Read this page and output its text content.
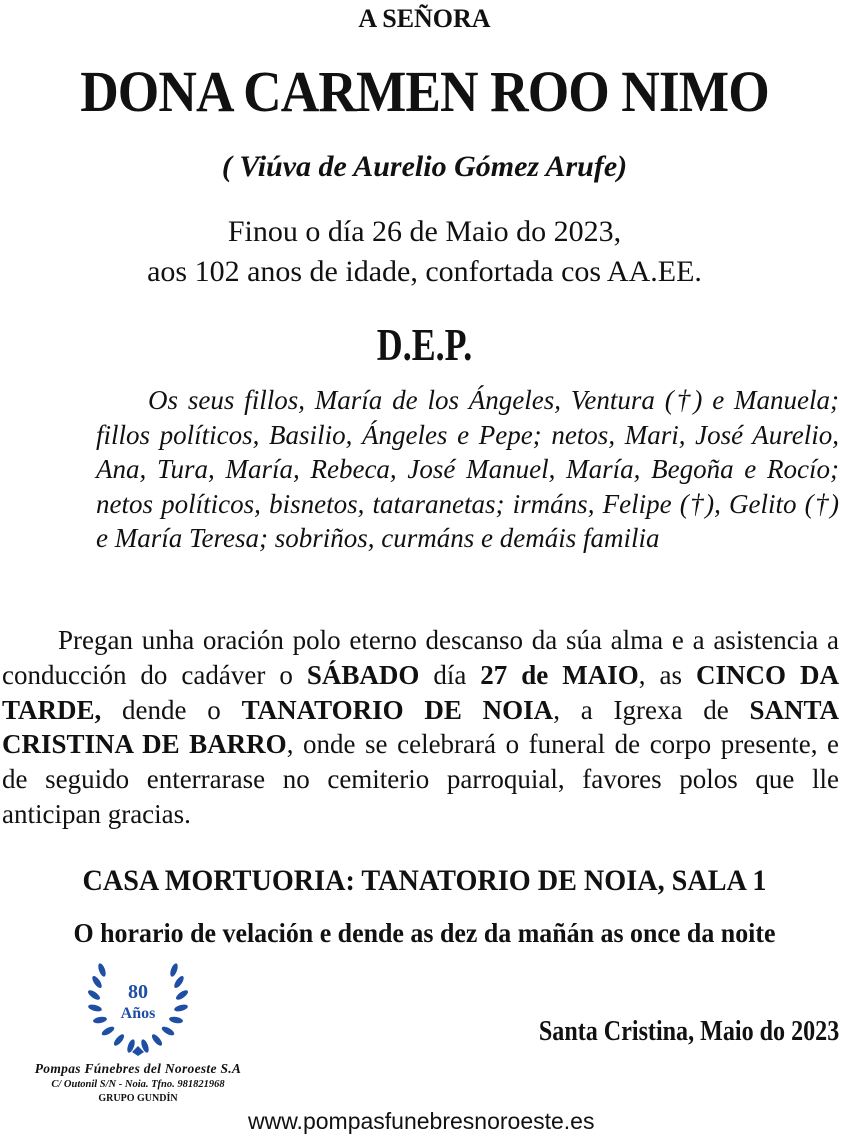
A SEÑORA
DONA CARMEN ROO NIMO
( Viúva de Aurelio Gómez Arufe)
Finou o día 26 de Maio do 2023,
aos 102 anos de idade, confortada cos AA.EE.
D.E.P.
Os seus fillos, María de los Ángeles, Ventura (†) e Manuela; fillos políticos, Basilio, Ángeles e Pepe; netos, Mari, José Aurelio, Ana, Tura, María, Rebeca, José Manuel, María, Begoña e Rocío; netos políticos, bisnetos, tataranetas; irmáns, Felipe (†), Gelito (†) e María Teresa; sobriños, curmáns e demáis familia
Pregan unha oración polo eterno descanso da súa alma e a asistencia a conducción do cadáver o SÁBADO día 27 de MAIO, as CINCO DA TARDE, dende o TANATORIO DE NOIA, a Igrexa de SANTA CRISTINA DE BARRO, onde se celebrará o funeral de corpo presente, e de seguido enterrarase no cemiterio parroquial, favores polos que lle anticipan gracias.
CASA MORTUORIA: TANATORIO DE NOIA, SALA 1
O horario de velación e dende as dez da mañán as once da noite
Santa Cristina, Maio do 2023
80
Años
Pompas Fúnebres del Noroeste S.A
C/ Outonil S/N - Noia. Tfno. 981821968
GRUPO GUNDÍN
www.pompasfunebresnoroeste.es
